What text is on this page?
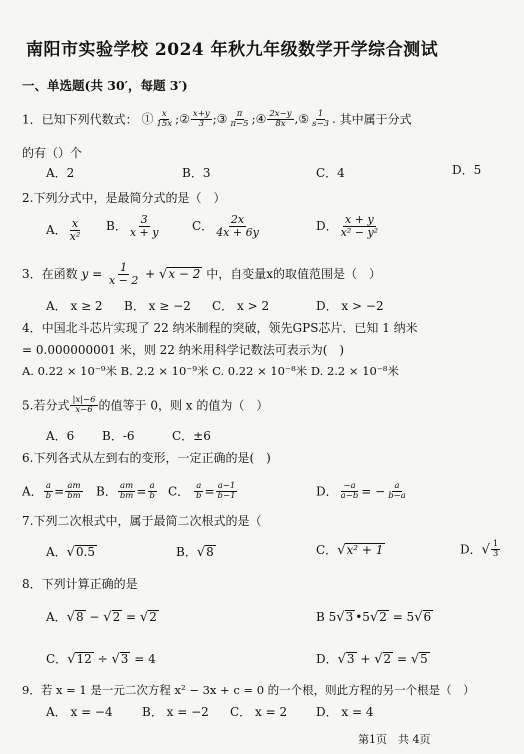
南阳市实验学校 2024 年秋九年级数学开学综合测试
一、单选题(共 30′，每题 3′)
1．已知下列代数式： ① $\frac{x}{15x}$ ;② $\frac{x+y}{3}$ ;③ $\frac{\pi}{\pi-5}$ ;④ $\frac{2x-y}{8x}$ ,⑤ $\frac{1}{s-3}$ . 其中属于分式
的有（）个
A．2	B．3	C．4	D．5
2.下列分式中，是最简分式的是（　）
A． $\frac{x}{\text{x²}}$ B． $\frac{3}{x + y}$	C． $\frac{2x}{4x + 6y}$	D． $\frac{x + y}{\text{x² − y²}}$
3．在函数 $y = \frac{1}{x - 2} + √x - 2$ 中，自变量x的取值范围是（　）
A． x ≥ 2 B． x ≥ −2 C． x > 2	D． x > −2
4．中国北斗芯片实现了 22 纳米制程的突破，领先GPS芯片．已知 1 纳米
= 0.000000001 米，则 22 纳米用科学记数法可表示为(　)
A. 0.22 × 10⁻⁹米 B. 2.2 × 10⁻⁹米 C. 0.22 × 10⁻⁸米 D. 2.2 × 10⁻⁸米
5.若分式 $\frac{|x|-6}{x-6}$ 的值等于 0，则 x 的值为（　）
A．6 B．-6	C．±6
6.下列各式从左到右的变形，一定正确的是(　)
A． $\frac{a}{b} = \frac{am}{bm}$ B． $\frac{am}{bm} = \frac{a}{b}$ C． $\frac{a}{b} = \frac{a-1}{b-1}$	D． $\frac{-a}{a-b}$ = − $\frac{a}{b-a}$
7.下列二次根式中，属于最简二次根式的是（
A．√0.5	B．√8	C．√x² + 1	D．√ $\frac{1}{3}$
8．下列计算正确的是
A．√8 − √2 = √2	B 5√3 •5√2 = 5√6
C．√12 ÷ √3 = 4	D．√3 + √2 = √5
9．若 x = 1 是一元二次方程 x² − 3x + c = 0 的一个根，则此方程的另一个根是（　）
A． x = −4 B． x = −2 C． x = 2 D． x = 4
第1页　共 4页
